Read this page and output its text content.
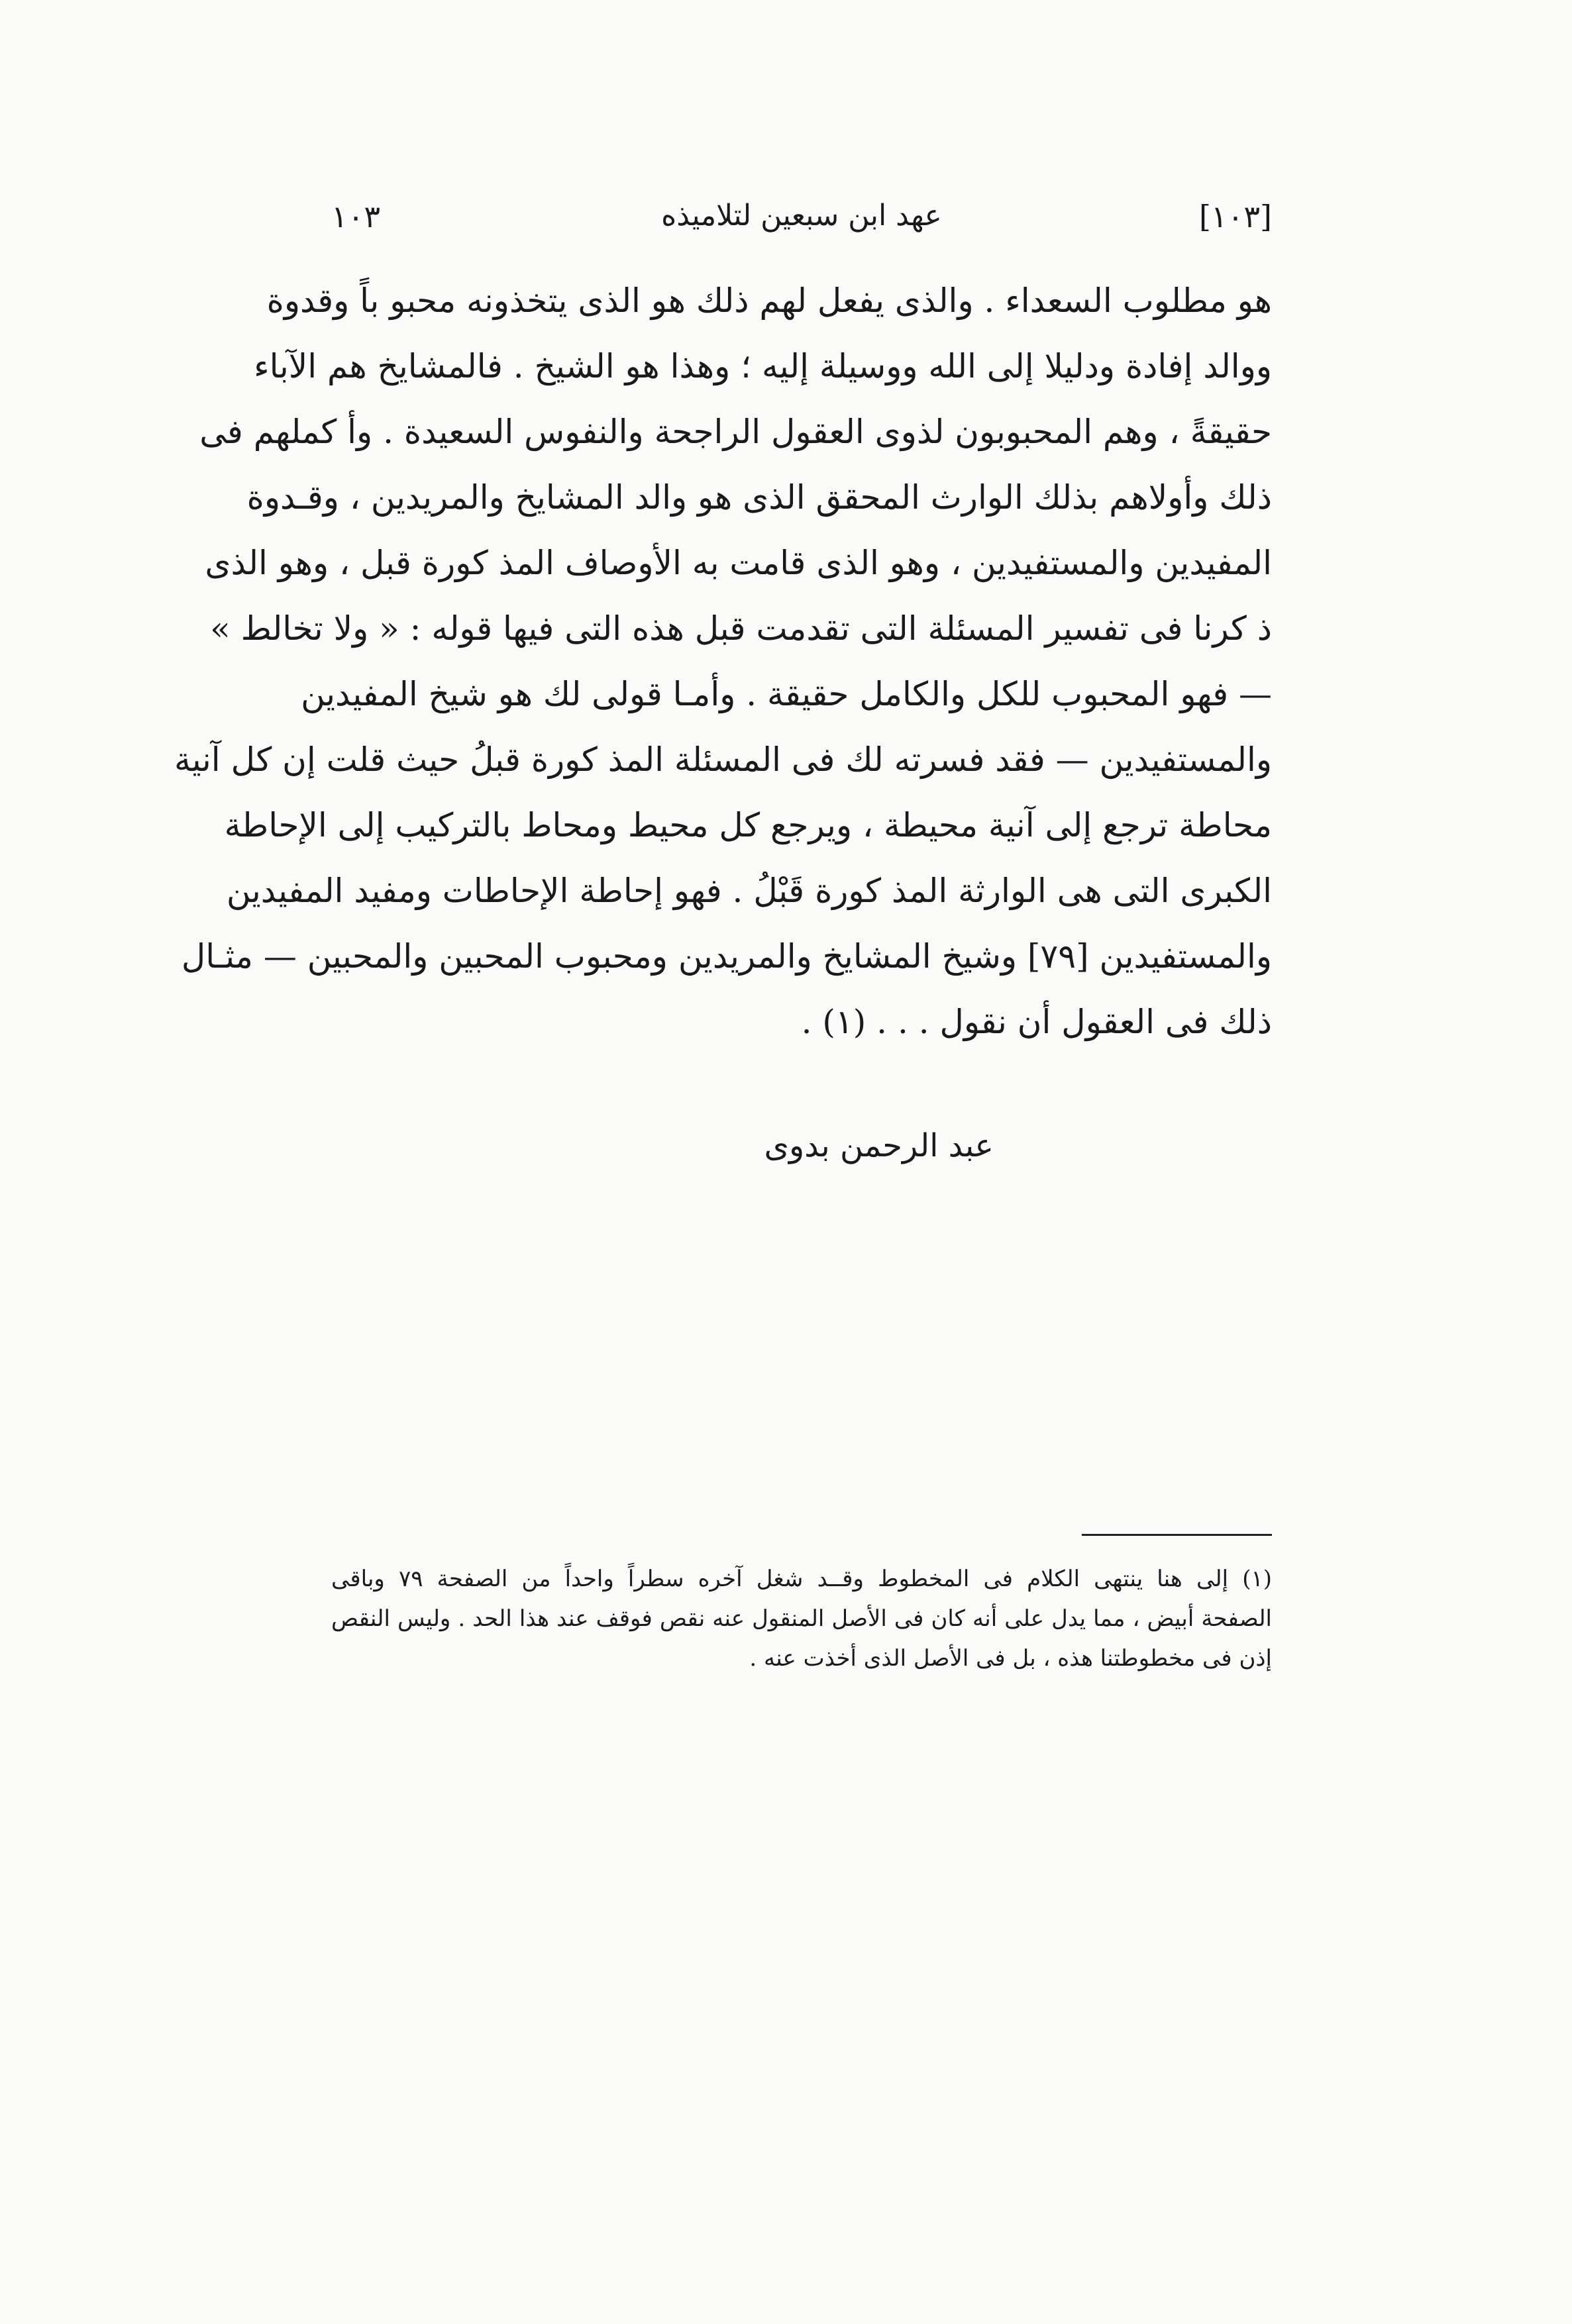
[١٠٣]
عهد ابن سبعين لتلاميذه
١٠٣
هو مطلوب السعداء . والذى يفعل لهم ذلك هو الذى يتخذونه محبو باً وقدوة
ووالد إفادة ودليلا إلى الله ووسيلة إليه ؛ وهذا هو الشيخ . فالمشايخ هم الآباء
حقيقةً ، وهم المحبوبون لذوى العقول الراجحة والنفوس السعيدة . وأ كملهم فى
ذلك وأولاهم بذلك الوارث المحقق الذى هو والد المشايخ والمريدين ، وقـدوة
المفيدين والمستفيدين ، وهو الذى قامت به الأوصاف المذ كورة قبل ، وهو الذى
ذ كرنا فى تفسير المسئلة التى تقدمت قبل هذه التى فيها قوله : « ولا تخالط »
— فهو المحبوب للكل والكامل حقيقة . وأمـا قولى لك هو شيخ المفيدين
والمستفيدين — فقد فسرته لك فى المسئلة المذ كورة قبلُ حيث قلت إن كل آنية
محاطة ترجع إلى آنية محيطة ، ويرجع كل محيط ومحاط بالتركيب إلى الإحاطة
الكبرى التى هى الوارثة المذ كورة قَبْلُ . فهو إحاطة الإحاطات ومفيد المفيدين
والمستفيدين [٧٩] وشيخ المشايخ والمريدين ومحبوب المحبين والمحبين — مثـال
ذلك فى العقول أن نقول . . . (١) .
عبد الرحمن بدوى
(١) إلى هنا ينتهى الكلام فى المخطوط وقــد شغل آخره سطراً واحداً من الصفحة ٧٩ وباقى
الصفحة أبيض ، مما يدل على أنه كان فى الأصل المنقول عنه نقص فوقف عند هذا الحد . وليس النقص
إذن فى مخطوطتنا هذه ، بل فى الأصل الذى أخذت عنه .
